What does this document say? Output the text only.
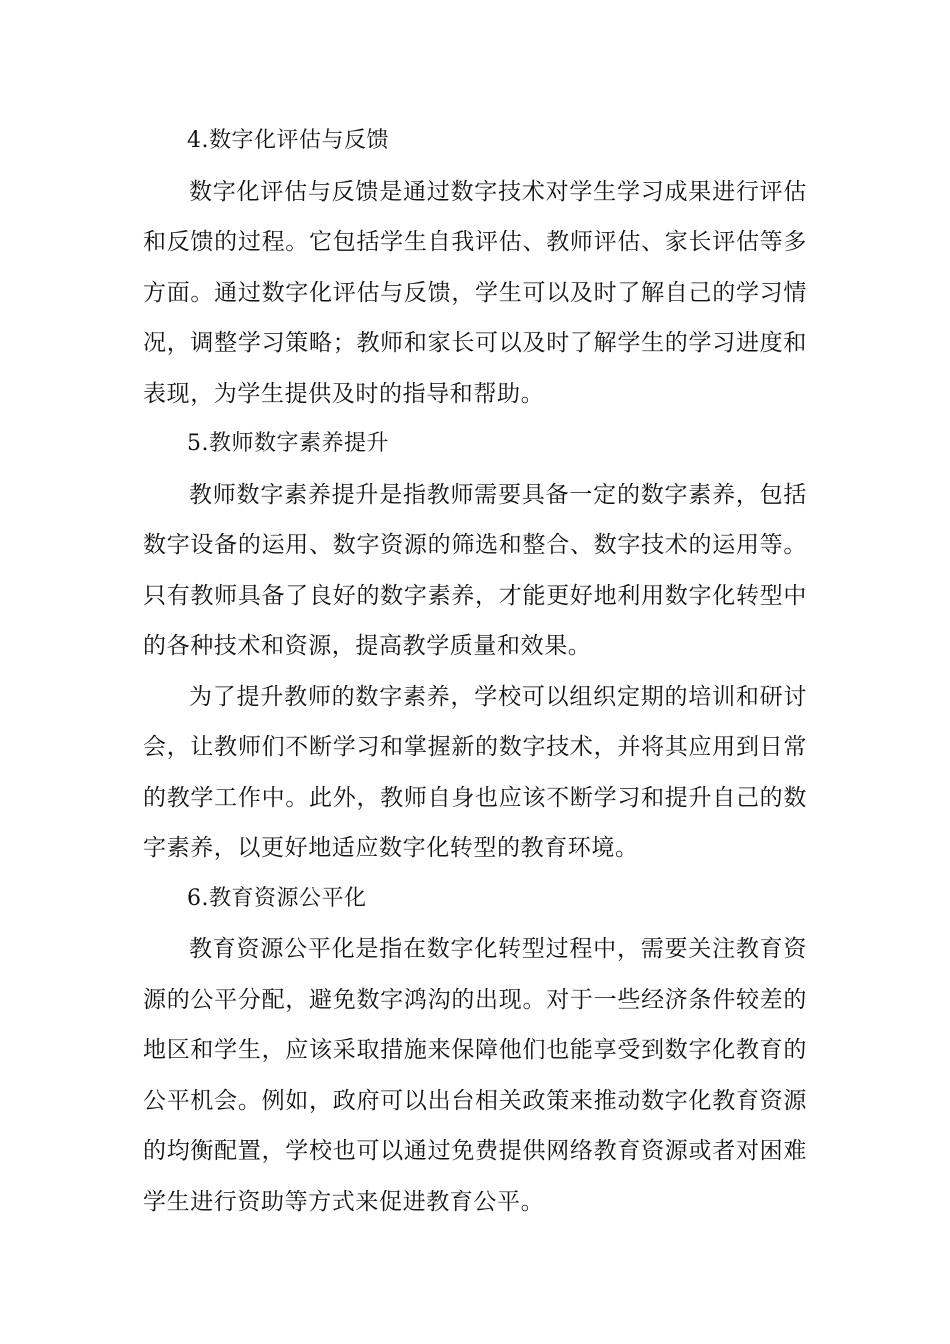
4.数字化评估与反馈

数字化评估与反馈是通过数字技术对学生学习成果进行评估和反馈的过程。它包括学生自我评估、教师评估、家长评估等多方面。通过数字化评估与反馈，学生可以及时了解自己的学习情况，调整学习策略；教师和家长可以及时了解学生的学习进度和表现，为学生提供及时的指导和帮助。

5.教师数字素养提升

教师数字素养提升是指教师需要具备一定的数字素养，包括数字设备的运用、数字资源的筛选和整合、数字技术的运用等。只有教师具备了良好的数字素养，才能更好地利用数字化转型中的各种技术和资源，提高教学质量和效果。

为了提升教师的数字素养，学校可以组织定期的培训和研讨会，让教师们不断学习和掌握新的数字技术，并将其应用到日常的教学工作中。此外，教师自身也应该不断学习和提升自己的数字素养，以更好地适应数字化转型的教育环境。

6.教育资源公平化

教育资源公平化是指在数字化转型过程中，需要关注教育资源的公平分配，避免数字鸿沟的出现。对于一些经济条件较差的地区和学生，应该采取措施来保障他们也能享受到数字化教育的公平机会。例如，政府可以出台相关政策来推动数字化教育资源的均衡配置，学校也可以通过免费提供网络教育资源或者对困难学生进行资助等方式来促进教育公平。
